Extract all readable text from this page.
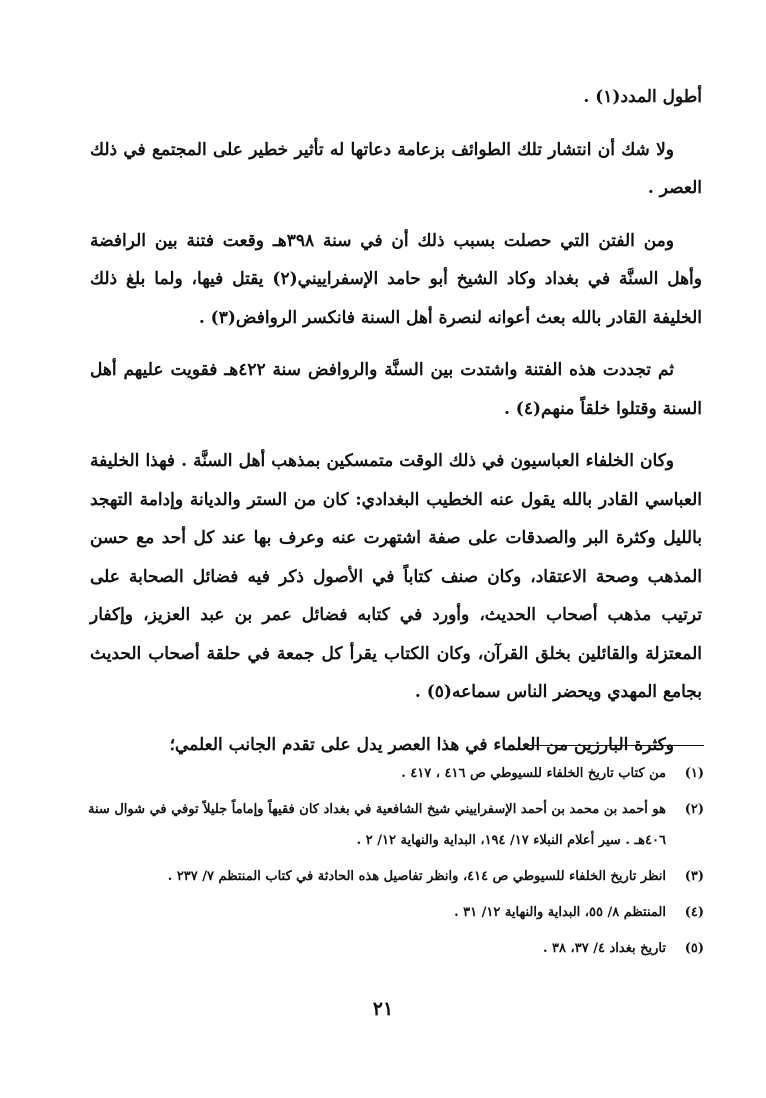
أطول المدد(١) .

ولا شك أن انتشار تلك الطوائف بزعامة دعاتها له تأثير خطير على المجتمع في ذلك العصر .

ومن الفتن التي حصلت بسبب ذلك أن في سنة ٣٩٨هـ وقعت فتنة بين الرافضة وأهل السنَّة في بغداد وكاد الشيخ أبو حامد الإسفراييني(٢) يقتل فيها، ولما بلغ ذلك الخليفة القادر بالله بعث أعوانه لنصرة أهل السنة فانكسر الروافض(٣) .

ثم تجددت هذه الفتنة واشتدت بين السنَّة والروافض سنة ٤٢٢هـ فقويت عليهم أهل السنة وقتلوا خلقاً منهم(٤) .

وكان الخلفاء العباسيون في ذلك الوقت متمسكين بمذهب أهل السنَّة . فهذا الخليفة العباسي القادر بالله يقول عنه الخطيب البغدادي: كان من الستر والديانة وإدامة التهجد بالليل وكثرة البر والصدقات على صفة اشتهرت عنه وعرف بها عند كل أحد مع حسن المذهب وصحة الاعتقاد، وكان صنف كتاباً في الأصول ذكر فيه فضائل الصحابة على ترتيب مذهب أصحاب الحديث، وأورد في كتابه فضائل عمر بن عبد العزيز، وإكفار المعتزلة والقائلين بخلق القرآن، وكان الكتاب يقرأ كل جمعة في حلقة أصحاب الحديث بجامع المهدي ويحضر الناس سماعه(٥) .

وكثرة البارزين من العلماء في هذا العصر يدل على تقدم الجانب العلمي؛

(١)
من كتاب تاريخ الخلفاء للسيوطي ص ٤١٦ ، ٤١٧ .
(٢)
هو أحمد بن محمد بن أحمد الإسفراييني شيخ الشافعية في بغداد كان فقيهاً وإماماً جليلاً توفي في شوال سنة ٤٠٦هـ . سير أعلام النبلاء ١٧/ ١٩٤، البداية والنهاية ١٢/ ٢ .
(٣)
انظر تاريخ الخلفاء للسيوطي ص ٤١٤، وانظر تفاصيل هذه الحادثة في كتاب المنتظم ٧/ ٢٣٧ .
(٤)
المنتظم ٨/ ٥٥، البداية والنهاية ١٢/ ٣١ .
(٥)
تاريخ بغداد ٤/ ٣٧، ٣٨ .
٢١
